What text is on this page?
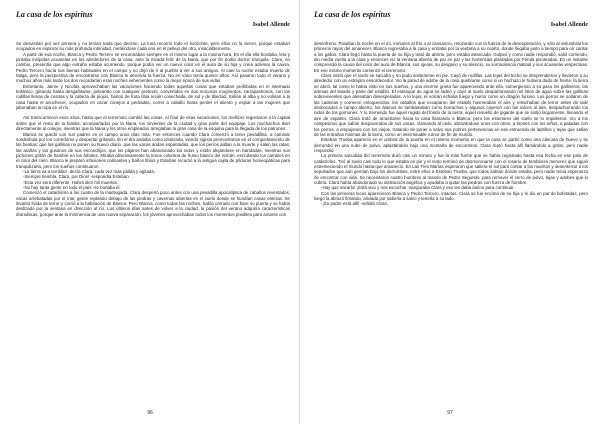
La casa de los espíritus
Isabel Allende

Se desvistían por vez primera y no tenían nada que decirse. La luna recorrió todo el horizonte, pero ellos no la vieron, porque estaban ocupados en explorar su más profunda intimidad, metiéndose cada uno en el pellejo del otro, insaciablemente.

A partir de esa noche, Blanca y Pedro Tercero se encontraban siempre en el mismo lugar a la misma hora. En el día ella bordaba, leía y pintaba insípidas acuarelas en los alrededores de la casa, ante la mirada feliz de la Nana, que por fin podía dormir tranquila. Clara, en cambio, presentía que algo extraño estaba ocurriendo, porque podía ver un nuevo color en el aura de su hija y creía adivinar la causa. Pedro Tercero hacía sus faenas habituales en el campo y no dejó de ir al pueblo a ver a sus amigos. Al caer la noche estaba muerto de fatiga, pero la perspectiva de encontrarse con Blanca le devolvía la fuerza. No en vano tenía quince años. Así pasaron todo el verano y muchos años más tarde los dos recordarían esas noches vehementes como la mejor época de sus vidas.

Entretanto, Jaime y Nicolás aprovechaban las vacaciones haciendo todas aquellas cosas que estaban prohibidas en el internado británico, gritando hasta desgañitarse, peleando con cualquier pretexto, convertidos en dos mocosos mugrientos, zarrapastrosos, con las rodillas llenas de costras y la cabeza de piojos, hartos de fruta tibia recién cosechada, de sol y de libertad. Salían al alba y no volvían a la casa hasta el anochecer, ocupados en cazar conejos a pedradas, correr a caballo hasta perder el aliento y espiar a las mujeres que jabonaban la ropa en el río.

Así transcurrieron esos años, hasta que el terremoto cambió las cosas. Al final de esas vacaciones, los mellizos regresaron a la capital antes que el resto de la familia, acompañados por la Nana, los sirvientes de la ciudad y gran parte del equipaje. Los muchachos iban directamente al colegio, mientras que la Nana y los otros empleados arreglaban la gran casa de la esquina para la llegada de los patrones.

Blanca se quedó con sus padres en el campo unos días más. Fue entonces cuando Clara comenzó a tener pesadillas, a caminar sonámbula por los corredores y despertar gritando. En el día andaba como idiotizada, viendo signos premonitorios en el comportamiento de las bestias: que las gallinas no ponen su huevo diario, que las vacas andan espantadas, que los perros aúllan a la muerte y salen las ratas, las arañas y los gusanos de sus escondrijos, que los pájaros han abandonado los nidos y están alejándose en bandadas, mientras sus pichones gritan de hambre en los árboles. Miraba obsesivamente la tenue columna de humo blanco del volcán, escrutando los cambios en el color del cielo. Blanca le preparó infusiones calmantes y baños tibios y Esteban recurrió a la antigua cajita de píldoras homeopáticas para tranquilizarla, pero los sueños continuaron.

-La tierra va a temblar! -decía Clara, cada vez más pálida y agitada.

-Siempre tiembla, Clara, por Dios! -respondía Esteban.

-Esta vez será diferente. Habrá diez mil muertos.

-No hay tanta gente en todo el país -se burlaba él.

Comenzó el cataclismo a las cuatro de la madrugada. Clara despertó poco antes con una pesadilla apocalíptica de caballos reventados, vacas arrebatadas por el mar, gente reptando debajo de las piedras y cavernas abiertas en el suelo donde se hundían casas enteras. Se levantó lívida de terror y corrió a la habitación de Blanca. Pero Blanca, como todas las noches, había cerrado con llave su puerta y se había deslizado por la ventana en dirección al río. Los últimos días antes de volver a la ciudad, la pasión del verano adquiría características dramáticas, porque ante la inminencia de una nueva separación, los jóvenes aprovechaban todos los momentos posibles para amarse con

96
La casa de los espíritus
Isabel Allende

desenfreno. Pasaban la noche en el río, inmunes al frío o al cansancio, retozando con la fuerza de la desesperación, y sólo al vislumbrar los primeros rayos del amanecer, Blanca regresaba a la casa y entraba por la ventana a su cuarto, donde llegaba justo a tiempo para oír cantar a los gallos. Clara llegó hasta la puerta de su hija y trató de abrirla, pero estaba atrancada. Golpeó y como nadie respondió, salió corriendo, dio media vuelta a la casa y entonces vio la ventana abierta de par en par y las hortensias plantadas por Férula pisoteadas. En un instante comprendió la causa del color del aura de Blanca, sus ojeras, su desgano y su silencio, su somnolencia matinal y sus acuarelas vespertinas. En ese mismo momento comenzó el terremoto.

Clara sintió que el suelo se sacudía y no pudo sostenerse en pie. Cayó de rodillas. Las tejas del techo se desprendieron y llovieron a su alrededor con un estrépito ensordecedor. Vio la pared de adobe de la casa quebrarse como si un hachazo le hubiera dado de frente, la tierra se abrió, tal como lo había visto en sus sueños, y una enorme grieta fue apareciendo ante ella, sumergiendo a su paso los gallineros, las artesas del lavado y parte del establo. El estanque de agua se ladeó y cayó al suelo desparramando mil litros de agua sobre las gallinas sobrevivientes que aleteaban desesperadas. A lo lejos, el volcán echaba fuego y humo como un dragón furioso. Los perros se soltaron de las cadenas y corrieron enloquecidos, los caballos que escaparon del establo husmeaban el aire y relinchaban de terror antes de salir desbocados a campo abierto, los álamos se tambaleaban como borrachos y algunos cayeron con las raíces al aire, despachurrando los nidos de los gorriones. Y lo tremendo fue aquel rugido del fondo de la tierra, aquel resuello de gigante que se sintió largamente, llenando el aire de espanto. Clara trató de arrastrarse hacia la casa llamando a Blanca, pero los estertores del suelo se lo impidieron. Vio a los campesinos que salían despavoridos de sus casas, clamando al cielo, abrazándose unos con otros, a tirones con los niños, a patadas con los perros, a empujones con los viejos, tratando de poner a salvo sus pobres pertenencias en ese estruendo de ladrillos y tejas que salían de las entrañas mismas de la tierra, como un interminable rumor de fin de mundo.

Esteban Trueba apareció en el umbral de la puerta en el mismo momento en que la casa se partió como una cáscara de huevo y se derrumbó en una nube de polvo, aplastándolo bajo una montaña de escombros. Clara reptó hasta allí llamándolo a gritos, pero nadie respondió.

La primera sacudida del terremoto duró casi un minuto y fue la más fuerte que se había registrado hasta esa fecha en ese país de catástrofes. Tiró al suelo casi todo lo que estaba en pie y el resto terminó de desmoronarse con el rosario de temblores menores que siguió estremeciendo el mundo hasta que amaneció. En Las Tres Marías esperaron que saliera el sol para contar a los muertos y desenterrar a los sepultados que aún gemían bajo los derrumbes, entre ellos a Esteban Trueba, que todos sabían dónde estaba, pero nadie tenía esperanza de encontrar con vida. Se necesitaron cuatro hombres al mando de Pedro Segundo, para remover el cerro de polvo, tejas y adobes que lo cubría. Clara había abandonado su distracción angélica y ayudaba a quitar las piedras con fuerza de hombre.

-Hay que sacarlo! ¡Está vivo y nos escucha! -aseguraba Clara y eso les daba ánimo para continuar.

Con las primeras luces aparecieron Blanca y Pedro Tercero, intactos. Clara se fue encima de su hija y le dio un par de bofetadas, pero luego la abrazó llorando, aliviada por saberla a salvo y tenerla a su lado.

-¡Su padre está allí! -señaló Clara.

97
